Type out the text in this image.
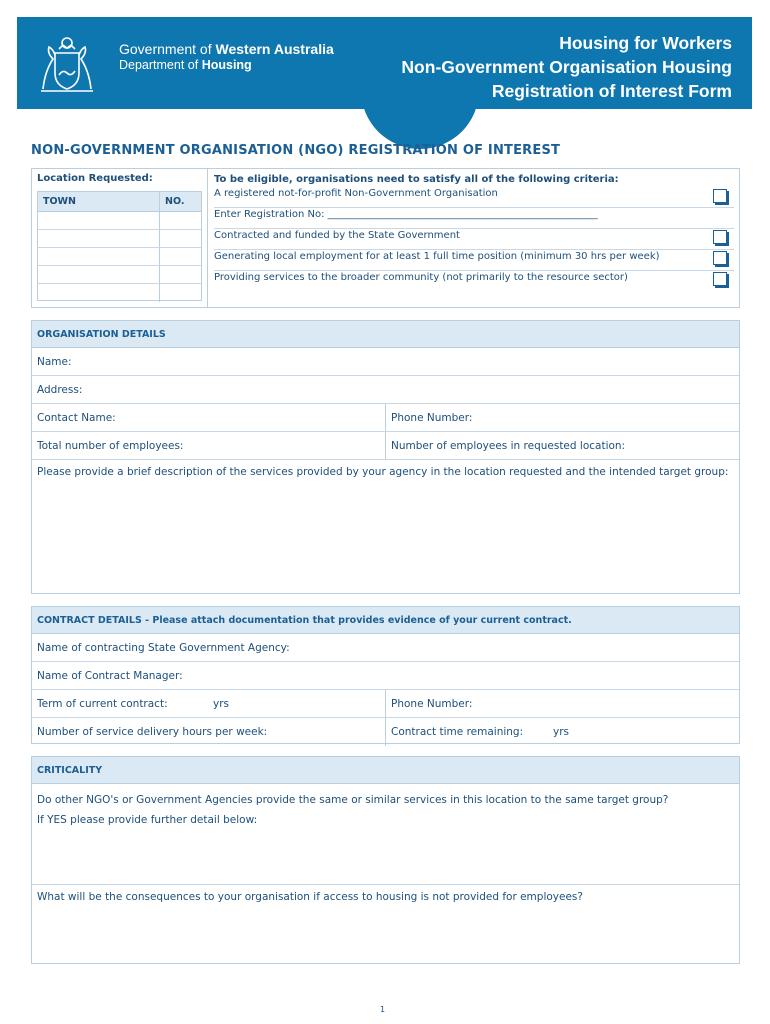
Government of Western Australia
Department of Housing
Housing for Workers
Non-Government Organisation Housing
Registration of Interest Form
NON-GOVERNMENT ORGANISATION (NGO) REGISTRATION OF INTEREST
Location Requested:
TOWN	NO.
To be eligible, organisations need to satisfy all of the following criteria:
A registered not-for-profit Non-Government Organisation
Enter Registration No: ______________________________________________________
Contracted and funded by the State Government
Generating local employment for at least 1 full time position (minimum 30 hrs per week)
Providing services to the broader community (not primarily to the resource sector)
ORGANISATION DETAILS
Name:
Address:
Contact Name:	Phone Number:
Total number of employees:	Number of employees in requested location:
Please provide a brief description of the services provided by your agency in the location requested and the intended target group:
CONTRACT DETAILS - Please attach documentation that provides evidence of your current contract.
Name of contracting State Government Agency:
Name of Contract Manager:
Term of current contract:	yrs	Phone Number:
Number of service delivery hours per week:	Contract time remaining:	yrs
CRITICALITY
Do other NGO's or Government Agencies provide the same or similar services in this location to the same target group?
If YES please provide further detail below:
What will be the consequences to your organisation if access to housing is not provided for employees?
1
